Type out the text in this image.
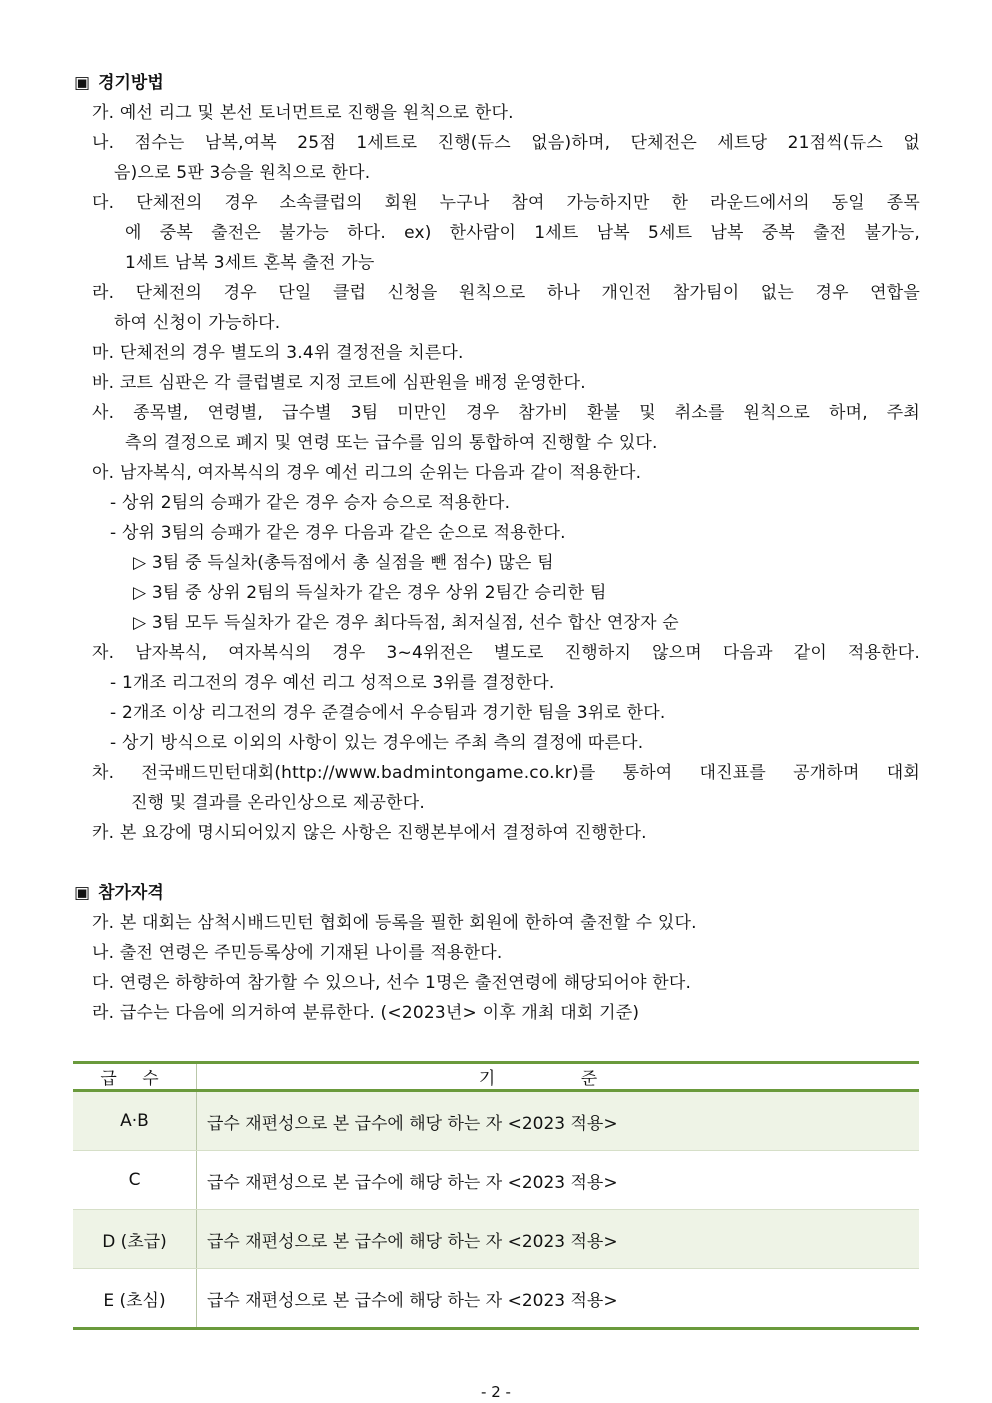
▣ 경기방법
가. 예선 리그 및 본선 토너먼트로 진행을 원칙으로 한다.
나. 점수는 남복,여복 25점 1세트로 진행(듀스 없음)하며, 단체전은 세트당 21점씩(듀스 없
음)으로 5판 3승을 원칙으로 한다.
다. 단체전의 경우 소속클럽의 회원 누구나 참여 가능하지만 한 라운드에서의 동일 종목
에 중복 출전은 불가능 하다. ex) 한사람이 1세트 남복 5세트 남복 중복 출전 불가능,
1세트 남복 3세트 혼복 출전 가능
라. 단체전의 경우 단일 클럽 신청을 원칙으로 하나 개인전 참가팀이 없는 경우 연합을
하여 신청이 가능하다.
마. 단체전의 경우 별도의 3.4위 결정전을 치른다.
바. 코트 심판은 각 클럽별로 지정 코트에 심판원을 배정 운영한다.
사. 종목별, 연령별, 급수별 3팀 미만인 경우 참가비 환불 및 취소를 원칙으로 하며, 주최
측의 결정으로 폐지 및 연령 또는 급수를 임의 통합하여 진행할 수 있다.
아. 남자복식, 여자복식의 경우 예선 리그의 순위는 다음과 같이 적용한다.
- 상위 2팀의 승패가 같은 경우 승자 승으로 적용한다.
- 상위 3팀의 승패가 같은 경우 다음과 같은 순으로 적용한다.
▷ 3팀 중 득실차(총득점에서 총 실점을 뺀 점수) 많은 팀
▷ 3팀 중 상위 2팀의 득실차가 같은 경우 상위 2팀간 승리한 팀
▷ 3팀 모두 득실차가 같은 경우 최다득점, 최저실점, 선수 합산 연장자 순
자. 남자복식, 여자복식의 경우 3~4위전은 별도로 진행하지 않으며 다음과 같이 적용한다.
- 1개조 리그전의 경우 예선 리그 성적으로 3위를 결정한다.
- 2개조 이상 리그전의 경우 준결승에서 우승팀과 경기한 팀을 3위로 한다.
- 상기 방식으로 이외의 사항이 있는 경우에는 주최 측의 결정에 따른다.
차. 전국배드민턴대회(http://www.badmintongame.co.kr)를 통하여 대진표를 공개하며 대회
진행 및 결과를 온라인상으로 제공한다.
카. 본 요강에 명시되어있지 않은 사항은 진행본부에서 결정하여 진행한다.
▣ 참가자격
가. 본 대회는 삼척시배드민턴 협회에 등록을 필한 회원에 한하여 출전할 수 있다.
나. 출전 연령은 주민등록상에 기재된 나이를 적용한다.
다. 연령은 하향하여 참가할 수 있으나, 선수 1명은 출전연령에 해당되어야 한다.
라. 급수는 다음에 의거하여 분류한다. (<2023년> 이후 개최 대회 기준)
급 수	기 준
A·B	급수 재편성으로 본 급수에 해당 하는 자 <2023 적용>
C	급수 재편성으로 본 급수에 해당 하는 자 <2023 적용>
D (초급)	급수 재편성으로 본 급수에 해당 하는 자 <2023 적용>
E (초심)	급수 재편성으로 본 급수에 해당 하는 자 <2023 적용>
- 2 -
